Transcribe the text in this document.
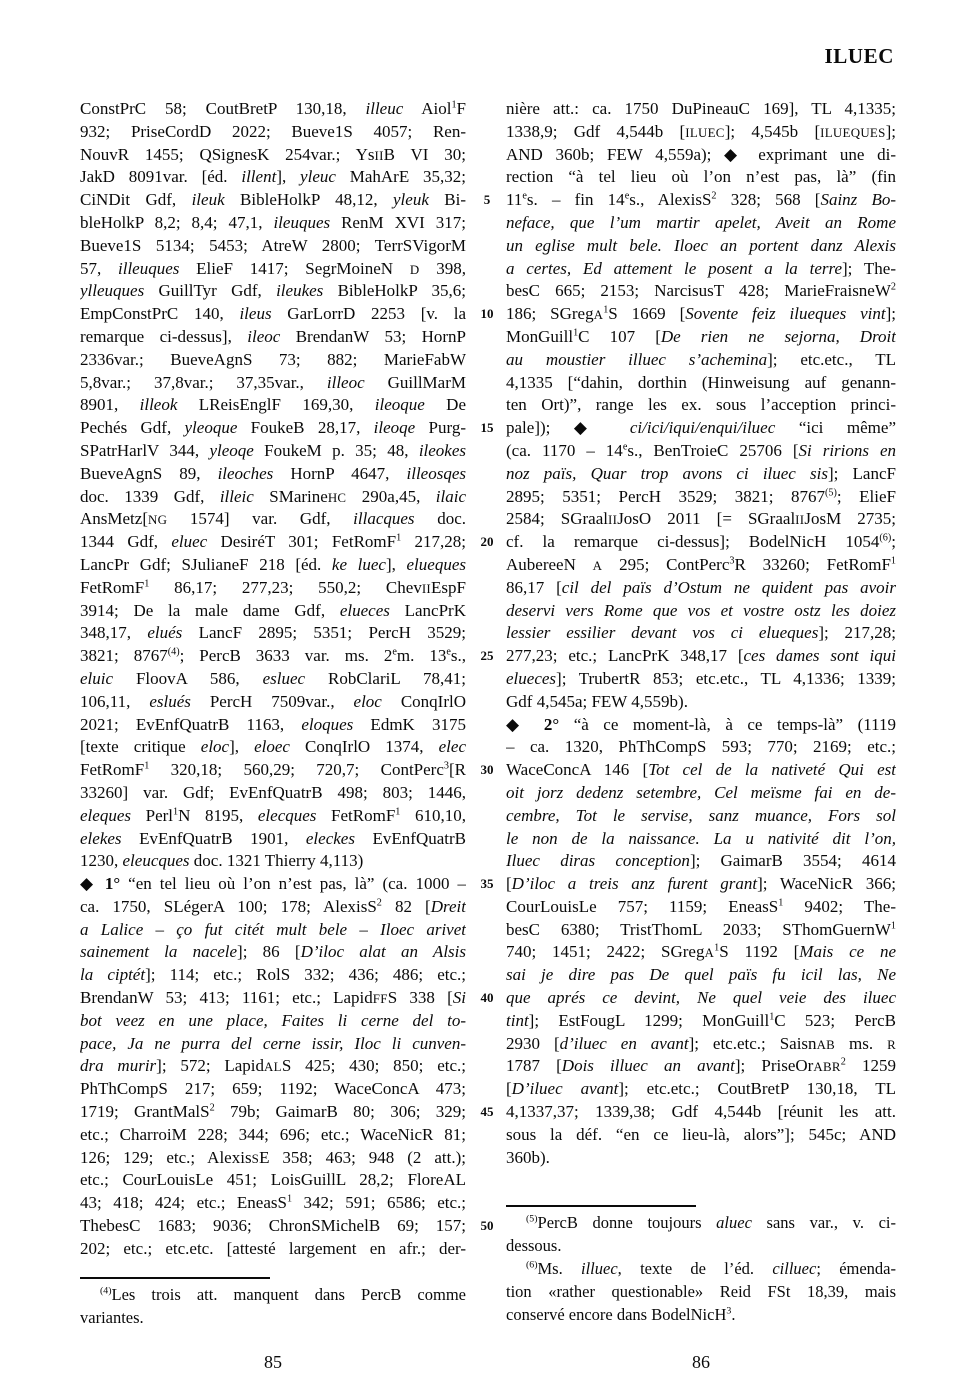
ILUEC
ConstPrC 58; CoutBretP 130,18, illeuc Aiol$^1$F
932; PriseCordD 2022; Bueve1S 4057; Ren-
NouvR 1455; QSignesK 254var.; YsIIB VI 30;
JakD 8091var. [éd. illent], yleuc MahArE 35,32;
CiNDit Gdf, ileuk BibleHolkP 48,12, yleuk Bi-
bleHolkP 8,2; 8,4; 47,1, ileuques RenM XVI 317;
Bueve1S 5134; 5453; AtreW 2800; TerrSVigorM
57, illeuques ElieF 1417; SegrMoineN D 398,
ylleuques GuillTyr Gdf, ileukes BibleHolkP 35,6;
EmpConstPrC 140, ileus GarLorrD 2253 [v. la
remarque ci-dessus], ileoc BrendanW 53; HornP
2336var.; BueveAgnS 73; 882; MarieFabW
5,8var.; 37,8var.; 37,35var., illeoc GuillMarM
8901, illeok LReisEnglF 169,30, ileoque De
Pechés Gdf, yleoque FoukeB 28,17, ileoqe Purg-
SPatrHarlV 344, yleoqe FoukeM p. 35; 48, ileokes
BueveAgnS 89, ileoches HornP 4647, illeosqes
doc. 1339 Gdf, illeic SMarineHC 290a,45, ilaic
AnsMetz[NG 1574] var. Gdf, illacques doc.
1344 Gdf, eluec DesiréT 301; FetRomF$^1$ 217,28;
LancPr Gdf; SJulianeF 218 [éd. ke luec], elueques
FetRomF$^1$ 86,17; 277,23; 550,2; ChevIIEspF
3914; De la male dame Gdf, elueces LancPrK
348,17, elués LancF 2895; 5351; PercH 3529;
3821; 8767$^{(4)}$; PercB 3633 var. ms. 2em. 13es.,
eluic FloovA 586, esluec RobClariL 78,41;
106,11, eslués PercH 7509var., eloc ConqIrlO
2021; EvEnfQuatrB 1163, eloques EdmK 3175
[texte critique eloc], eloec ConqIrlO 1374, elec
FetRomF$^1$ 320,18; 560,29; 720,7; ContPerc$^3$[R
33260] var. Gdf; EvEnfQuatrB 498; 803; 1446,
eleques Perl$^1$N 8195, elecques FetRomF$^1$ 610,10,
elekes EvEnfQuatrB 1901, eleckes EvEnfQuatrB
1230, eleucques doc. 1321 Thierry 4,113)
◆ 1° “en tel lieu où l’on n’est pas, là” (ca. 1000 –
ca. 1750, SLégerA 100; 178; AlexisS$^2$ 82 [Dreit
a Lalice – ço fut citét mult bele – Iloec arivet
sainement la nacele]; 86 [D’iloc alat an Alsis
la ciptét]; 114; etc.; RolS 332; 436; 486; etc.;
BrendanW 53; 413; 1161; etc.; LapidFFS 338 [Si
bot veez en une place, Faites li cerne del to-
pace, Ja ne purra del cerne issir, Iloc li cunven-
dra murir]; 572; LapidALS 425; 430; 850; etc.;
PhThCompS 217; 659; 1192; WaceConcA 473;
1719; GrantMalS$^2$ 79b; GaimarB 80; 306; 329;
etc.; CharroiM 228; 344; 696; etc.; WaceNicR 81;
126; 129; etc.; AlexisSE 358; 463; 948 (2 att.);
etc.; CourLouisLe 451; LoisGuillL 28,2; FloreAL
43; 418; 424; etc.; EneasS$^1$ 342; 591; 6586; etc.;
ThebesC 1683; 9036; ChronSMichelB 69; 157;
202; etc.; etc.etc. [attesté largement en afr.; der-
nière att.: ca. 1750 DuPineauC 169], TL 4,1335;
1338,9; Gdf 4,544b [ILUEC]; 4,545b [ILUEQUES];
AND 360b; FEW 4,559a); ◆ exprimant une di-
rection “à tel lieu où l’on n’est pas, là” (fin
11es. – fin 14es., AlexisS$^2$ 328; 568 [Sainz Bo-
neface, que l’um martir apelet, Aveit an Rome
un eglise mult bele. Iloec an portent danz Alexis
a certes, Ed attement le posent a la terre]; The-
besC 665; 2153; NarcisusT 428; MarieFraisneW$^2$
186; SGregA$^1$S 1669 [Sovente feiz ilueques vint];
MonGuill$^1$C 107 [De rien ne sejorna, Droit
au moustier illuec s’achemina]; etc.etc., TL
4,1335 [“dahin, dorthin (Hinweisung auf genann-
ten Ort)”, range les ex. sous l’acception princi-
pale]); ◆ ci/ici/iqui/enqui/iluec “ici même”
(ca. 1170 – 14es., BenTroieC 25706 [Si ririons en
noz païs, Quar trop avons ci iluec sis]; LancF
2895; 5351; PercH 3529; 3821; 8767$^{(5)}$; ElieF
2584; SGraalIIJosO 2011 [= SGraalIIJosM 2735;
cf. la remarque ci-dessus]; BodelNicH 1054$^{(6)}$;
AubereeN A 295; ContPerc$^3$R 33260; FetRomF$^1$
86,17 [cil del païs d’Ostum ne quident pas avoir
deservi vers Rome que vos et vostre ostz les doiez
lessier essilier devant vos ci elueques]; 217,28;
277,23; etc.; LancPrK 348,17 [ces dames sont iqui
elueces]; TrubertR 853; etc.etc., TL 4,1336; 1339;
Gdf 4,545a; FEW 4,559b).
◆ 2° “à ce moment-là, à ce temps-là” (1119
– ca. 1320, PhThCompS 593; 770; 2169; etc.;
WaceConcA 146 [Tot cel de la nativeté Qui est
oit jorz dedenz setembre, Cel meïsme fai en de-
cembre, Tot le servise, sanz muance, Fors sol
le non de la naissance. La u nativité dit l’on,
Iluec diras conception]; GaimarB 3554; 4614
[D’iloc a treis anz furent grant]; WaceNicR 366;
CourLouisLe 757; 1159; EneasS$^1$ 9402; The-
besC 6380; TristThomL 2033; SThomGuernW$^1$
740; 1451; 2422; SGregA$^1$S 1192 [Mais ce ne
sai je dire pas De quel païs fu icil las, Ne
que aprés ce devint, Ne quel veie des iluec
tint]; EstFougL 1299; MonGuill$^1$C 523; PercB
2930 [d’iluec en avant]; etc.etc.; SaisnAB ms. R
1787 [Dois illuec an avant]; PriseOrABR$^2$ 1259
[D’iluec avant]; etc.etc.; CoutBretP 130,18, TL
4,1337,37; 1339,38; Gdf 4,544b [réunit les att.
sous la déf. “en ce lieu-là, alors”]; 545c; AND
360b).
5
10
15
20
25
30
35
40
45
50
$^{(4)}$Les trois att. manquent dans PercB comme
variantes.
$^{(5)}$PercB donne toujours aluec sans var., v. ci-
dessous.
$^{(6)}$Ms. illuec, texte de l’éd. cilluec; émenda-
tion «rather questionable» Reid FSt 18,39, mais
conservé encore dans BodelNicH$^3$.
85	86
